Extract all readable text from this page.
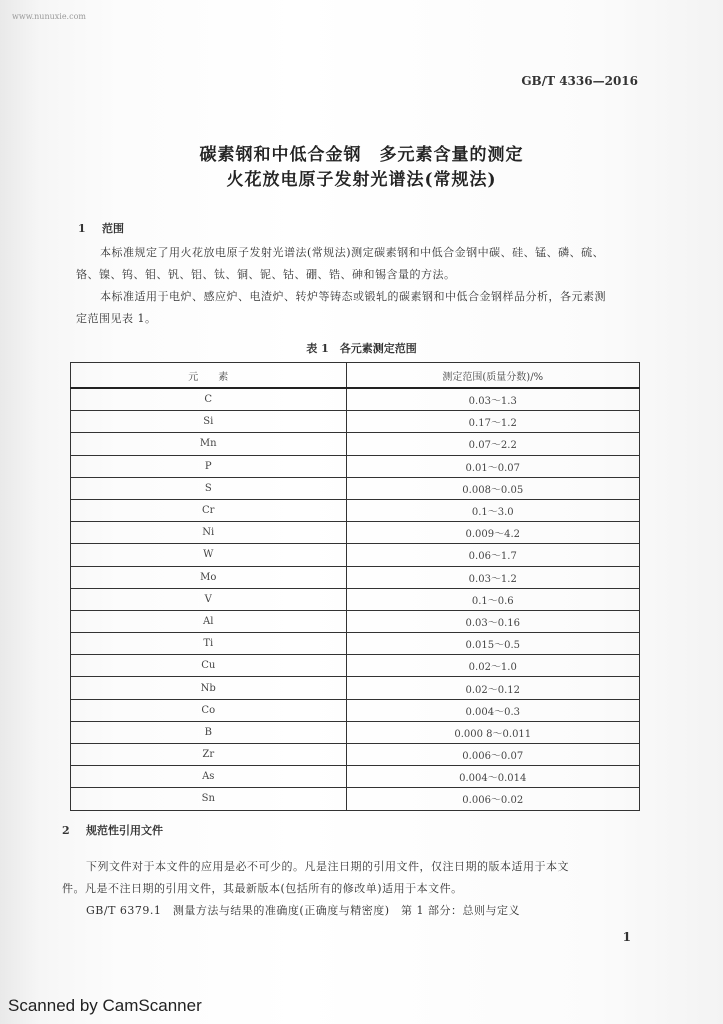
www.nunuxie.com
GB/T 4336—2016
碳素钢和中低合金钢　多元素含量的测定
火花放电原子发射光谱法(常规法)
1 范围
本标准规定了用火花放电原子发射光谱法(常规法)测定碳素钢和中低合金钢中碳、硅、锰、磷、硫、
铬、镍、钨、钼、钒、铝、钛、铜、铌、钴、硼、锆、砷和锡含量的方法。
本标准适用于电炉、感应炉、电渣炉、转炉等铸态或锻轧的碳素钢和中低合金钢样品分析，各元素测
定范围见表 1。
表 1　各元素测定范围
元　　素	测定范围(质量分数)/%
C	0.03～1.3
Si	0.17～1.2
Mn	0.07～2.2
P	0.01～0.07
S	0.008～0.05
Cr	0.1～3.0
Ni	0.009～4.2
W	0.06～1.7
Mo	0.03～1.2
V	0.1～0.6
Al	0.03～0.16
Ti	0.015～0.5
Cu	0.02～1.0
Nb	0.02～0.12
Co	0.004～0.3
B	0.000 8～0.011
Zr	0.006～0.07
As	0.004～0.014
Sn	0.006～0.02
2 规范性引用文件
下列文件对于本文件的应用是必不可少的。凡是注日期的引用文件，仅注日期的版本适用于本文
件。凡是不注日期的引用文件，其最新版本(包括所有的修改单)适用于本文件。
GB/T 6379.1　测量方法与结果的准确度(正确度与精密度)　第 1 部分：总则与定义
1
Scanned by CamScanner
